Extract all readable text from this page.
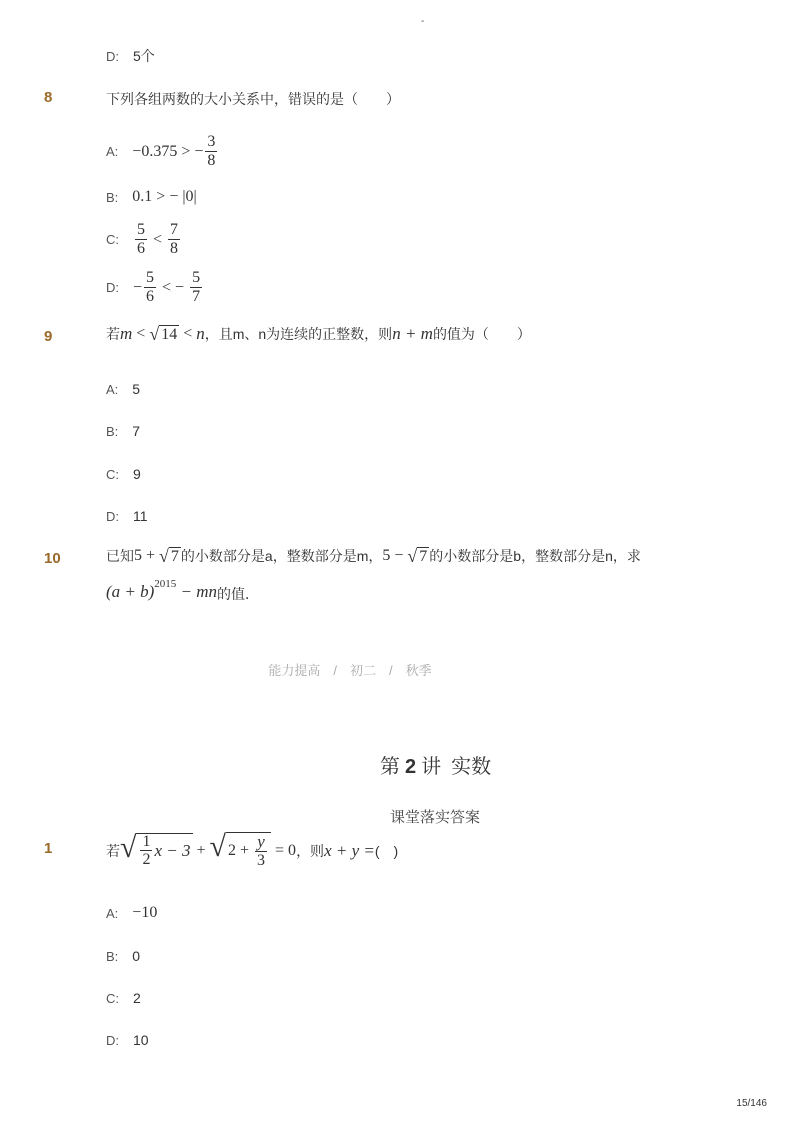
-
D: 5个
8	下列各组两数的大小关系中，错误的是（　　）
A: −0.375 > − $\frac{3}{8}$
B: 0.1 > − |0|
C: $\frac{5}{6} < \frac{7}{8}$
D: − $\frac{5}{6}$ < − $\frac{5}{7}$
9	若 m < √ 14 < n ，且m、n为连续的正整数，则 n + m 的值为（　　）
A: 5
B: 7
C: 9
D: 11
10	已知 5 + √ 7 的小数部分是a，整数部分是m， 5 − √ 7 的小数部分是b，整数部分是n，求
(a + b) 2015 − mn 的值．
能力提高　/　初二　/　秋季
第 2 讲  实数
课堂落实答案
1	若 √ $\frac{1}{2}$ x − 3 + √ $2 + \frac{y}{3} = 0$ ，则 x + y = (　)
A: −10
B: 0
C: 2
D: 10
15/146
